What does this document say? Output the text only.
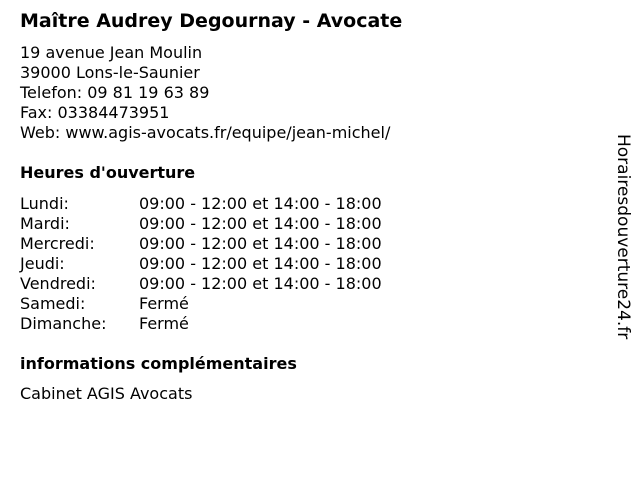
Maître Audrey Degournay - Avocate
19 avenue Jean Moulin
39000 Lons-le-Saunier
Telefon: 09 81 19 63 89
Fax: 03384473951
Web: www.agis-avocats.fr/equipe/jean-michel/
Heures d'ouverture
Lundi:	09:00 - 12:00 et 14:00 - 18:00
Mardi:	09:00 - 12:00 et 14:00 - 18:00
Mercredi:	09:00 - 12:00 et 14:00 - 18:00
Jeudi:	09:00 - 12:00 et 14:00 - 18:00
Vendredi:	09:00 - 12:00 et 14:00 - 18:00
Samedi:	Fermé
Dimanche: Fermé
informations complémentaires
Cabinet AGIS Avocats
Horairesdouverture24.fr
